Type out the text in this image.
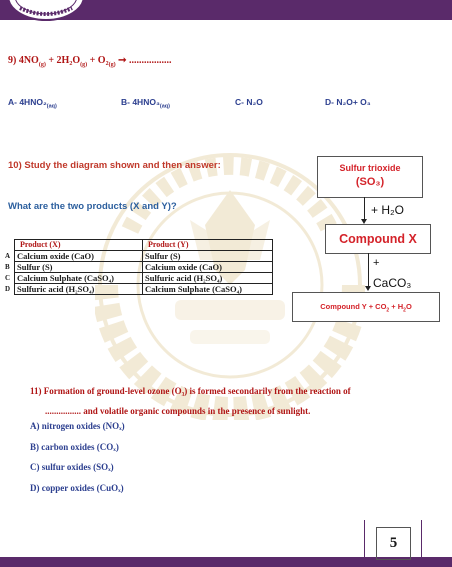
9) $4NO_{(g)} + 2H_2O_{(g)} + O_2_{(g)}$ ➞ .................
A- $4HNO_2_{(aq)}$	B- $4HNO_3_{(aq)}$	C- N₂O	D- N₂O+ O₃
10) Study the diagram shown and then answer:
What are the two products (X and Y)?
Sulfur trioxide
(SO₃)
+ H₂O
Compound X
+
CaCO₃
Compound $Y + CO_2 + H_2O$
	Product (X)	Product (Y)
A	Calcium oxide (CaO)	Sulfur (S)
B	Sulfur (S)	Calcium oxide (CaO)
C	Calcium Sulphate (CaSO₄)	Sulfuric acid (H₂SO₄)
D	Sulfuric acid (H₂SO₄)	Calcium Sulphate (CaSO₄)
11) Formation of ground-level ozone (O₃) is formed secondarily from the reaction of
................ and volatile organic compounds in the presence of sunlight.
A) nitrogen oxides (NOₓ)
B) carbon oxides (COₓ)
C) sulfur oxides (SOₓ)
D) copper oxides (CuOₓ)
5
